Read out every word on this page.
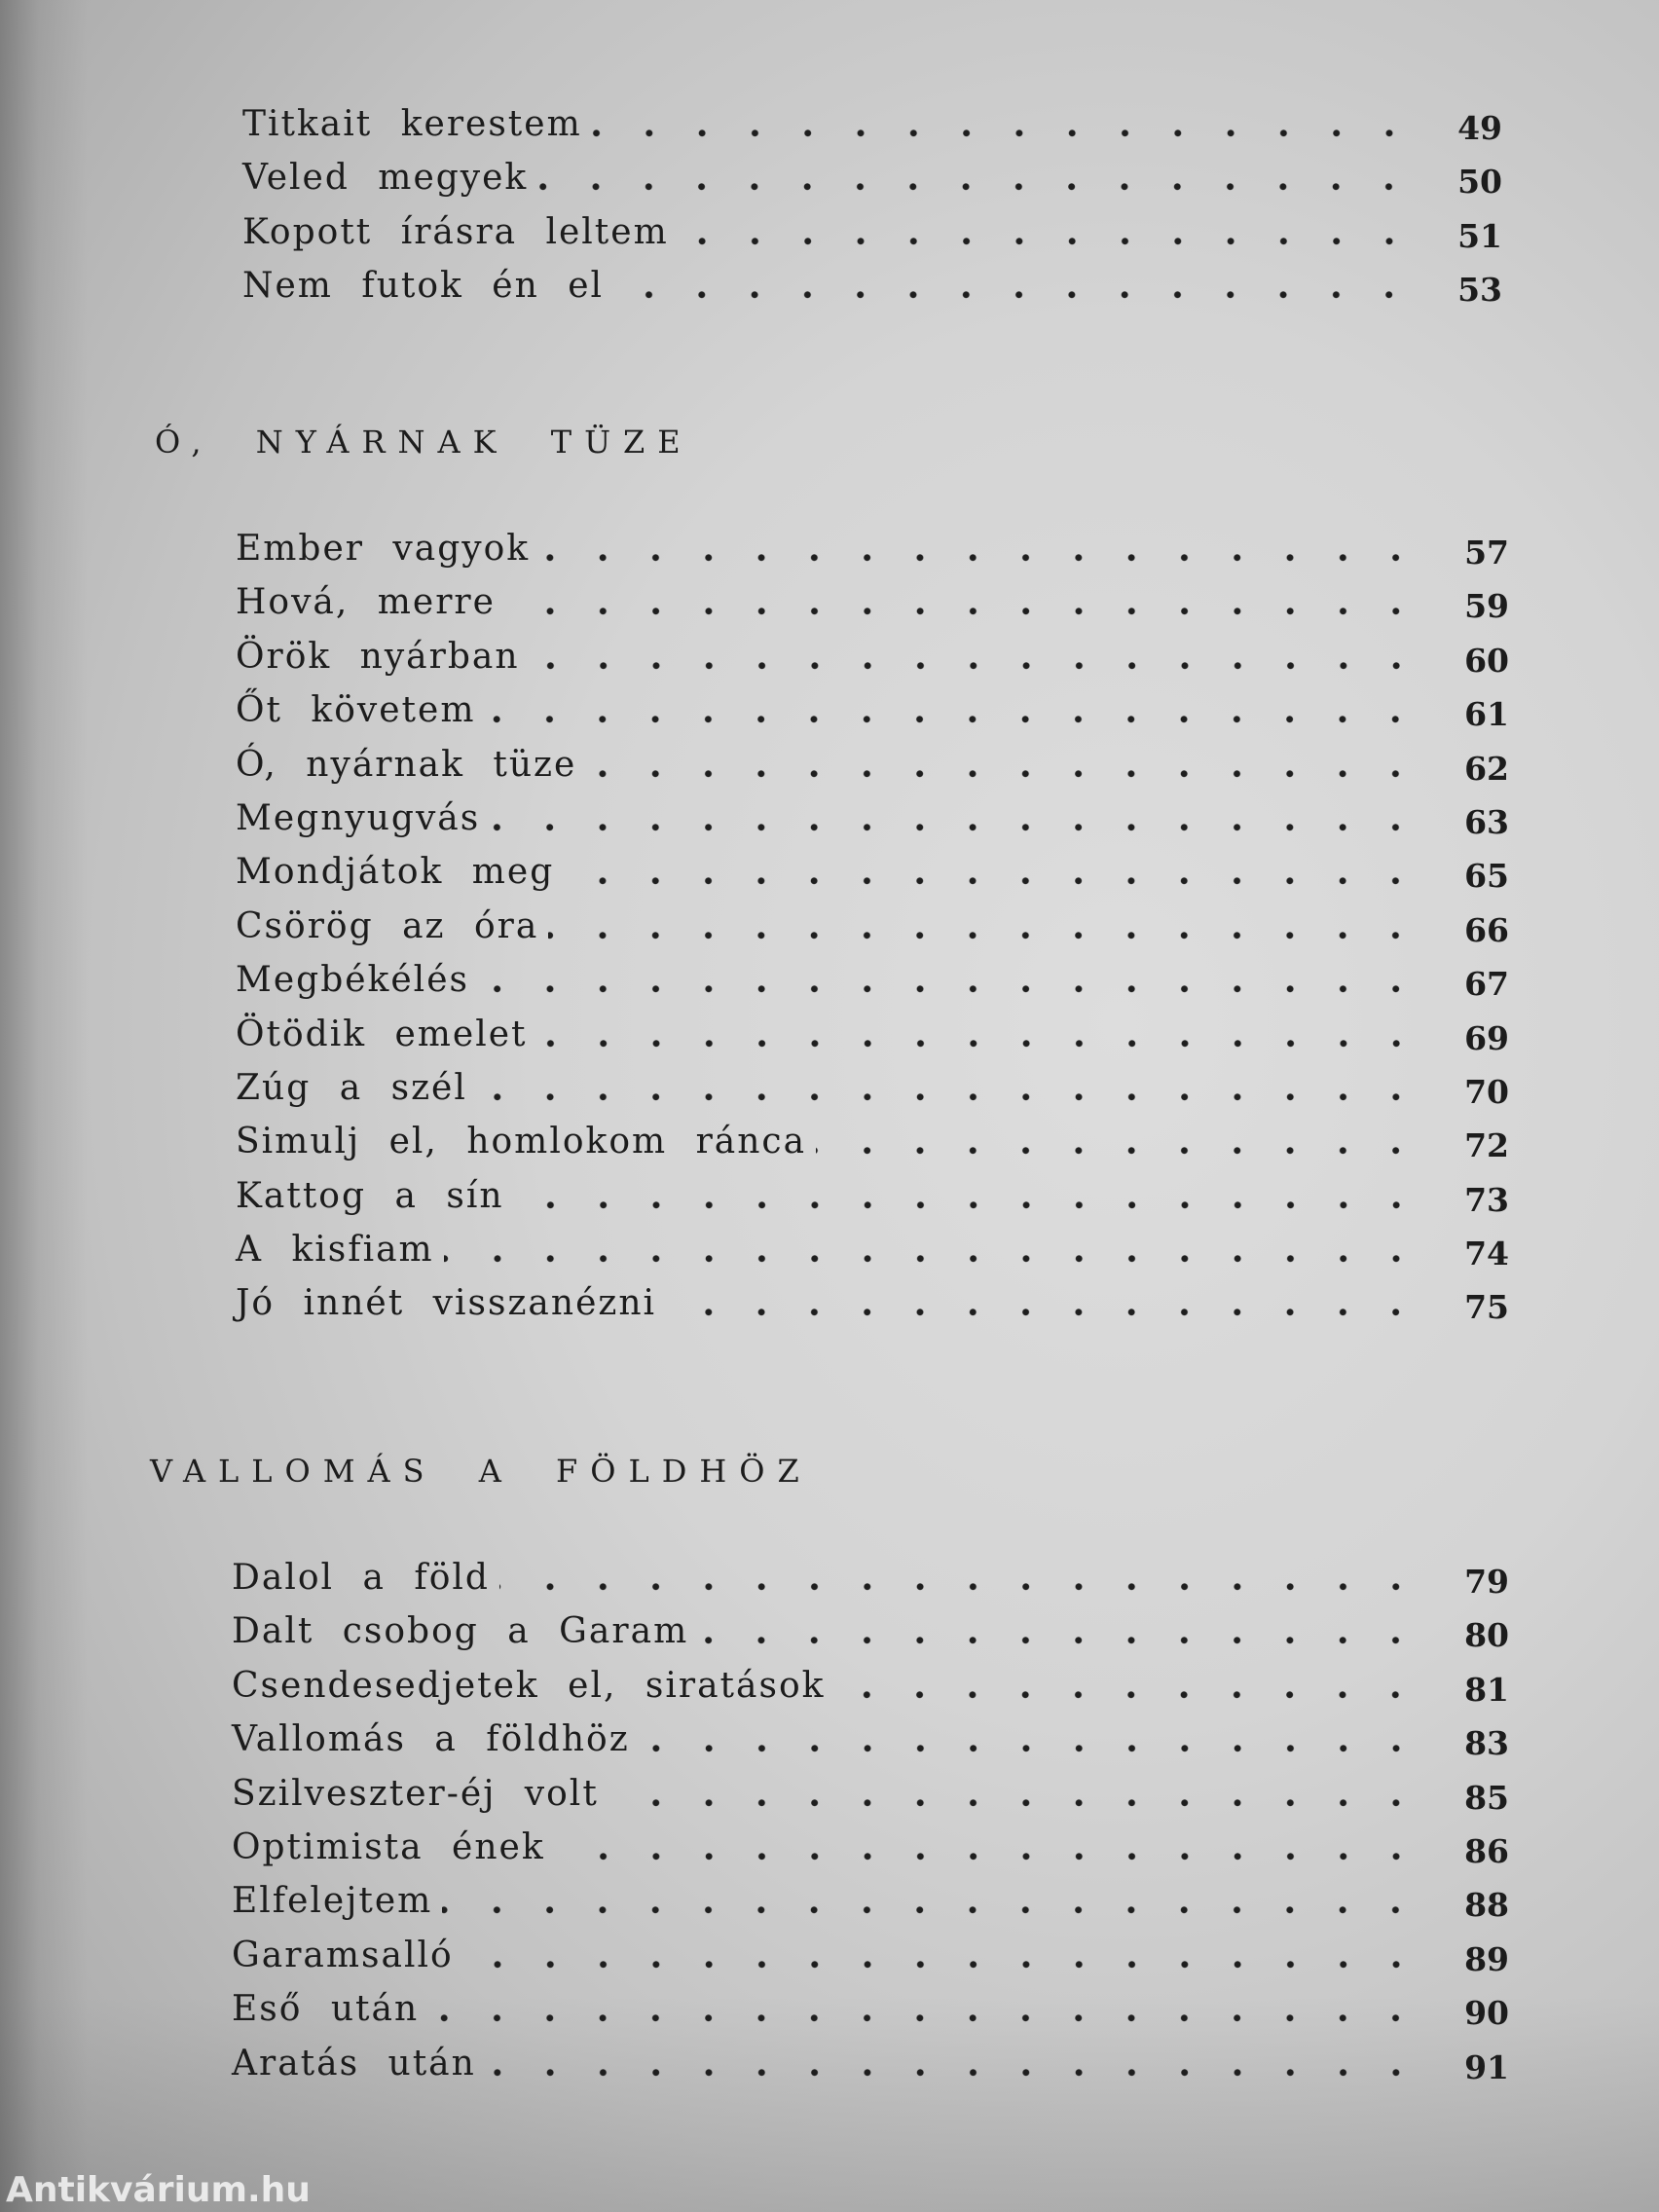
Titkait kerestem	49
Veled megyek	50
Kopott írásra leltem	51
Nem futok én el	53
Ó, NYÁRNAK TÜZE
Ember vagyok	57
Hová, merre	59
Örök nyárban	60
Őt követem	61
Ó, nyárnak tüze	62
Megnyugvás	63
Mondjátok meg	65
Csörög az óra	66
Megbékélés	67
Ötödik emelet	69
Zúg a szél	70
Simulj el, homlokom ránca	72
Kattog a sín	73
A kisfiam	74
Jó innét visszanézni	75
VALLOMÁS A FÖLDHÖZ
Dalol a föld	79
Dalt csobog a Garam	80
Csendesedjetek el, siratások	81
Vallomás a földhöz	83
Szilveszter-éj volt	85
Optimista ének	86
Elfelejtem	88
Garamsalló	89
Eső után	90
Aratás után	91
Antikvárium.hu
